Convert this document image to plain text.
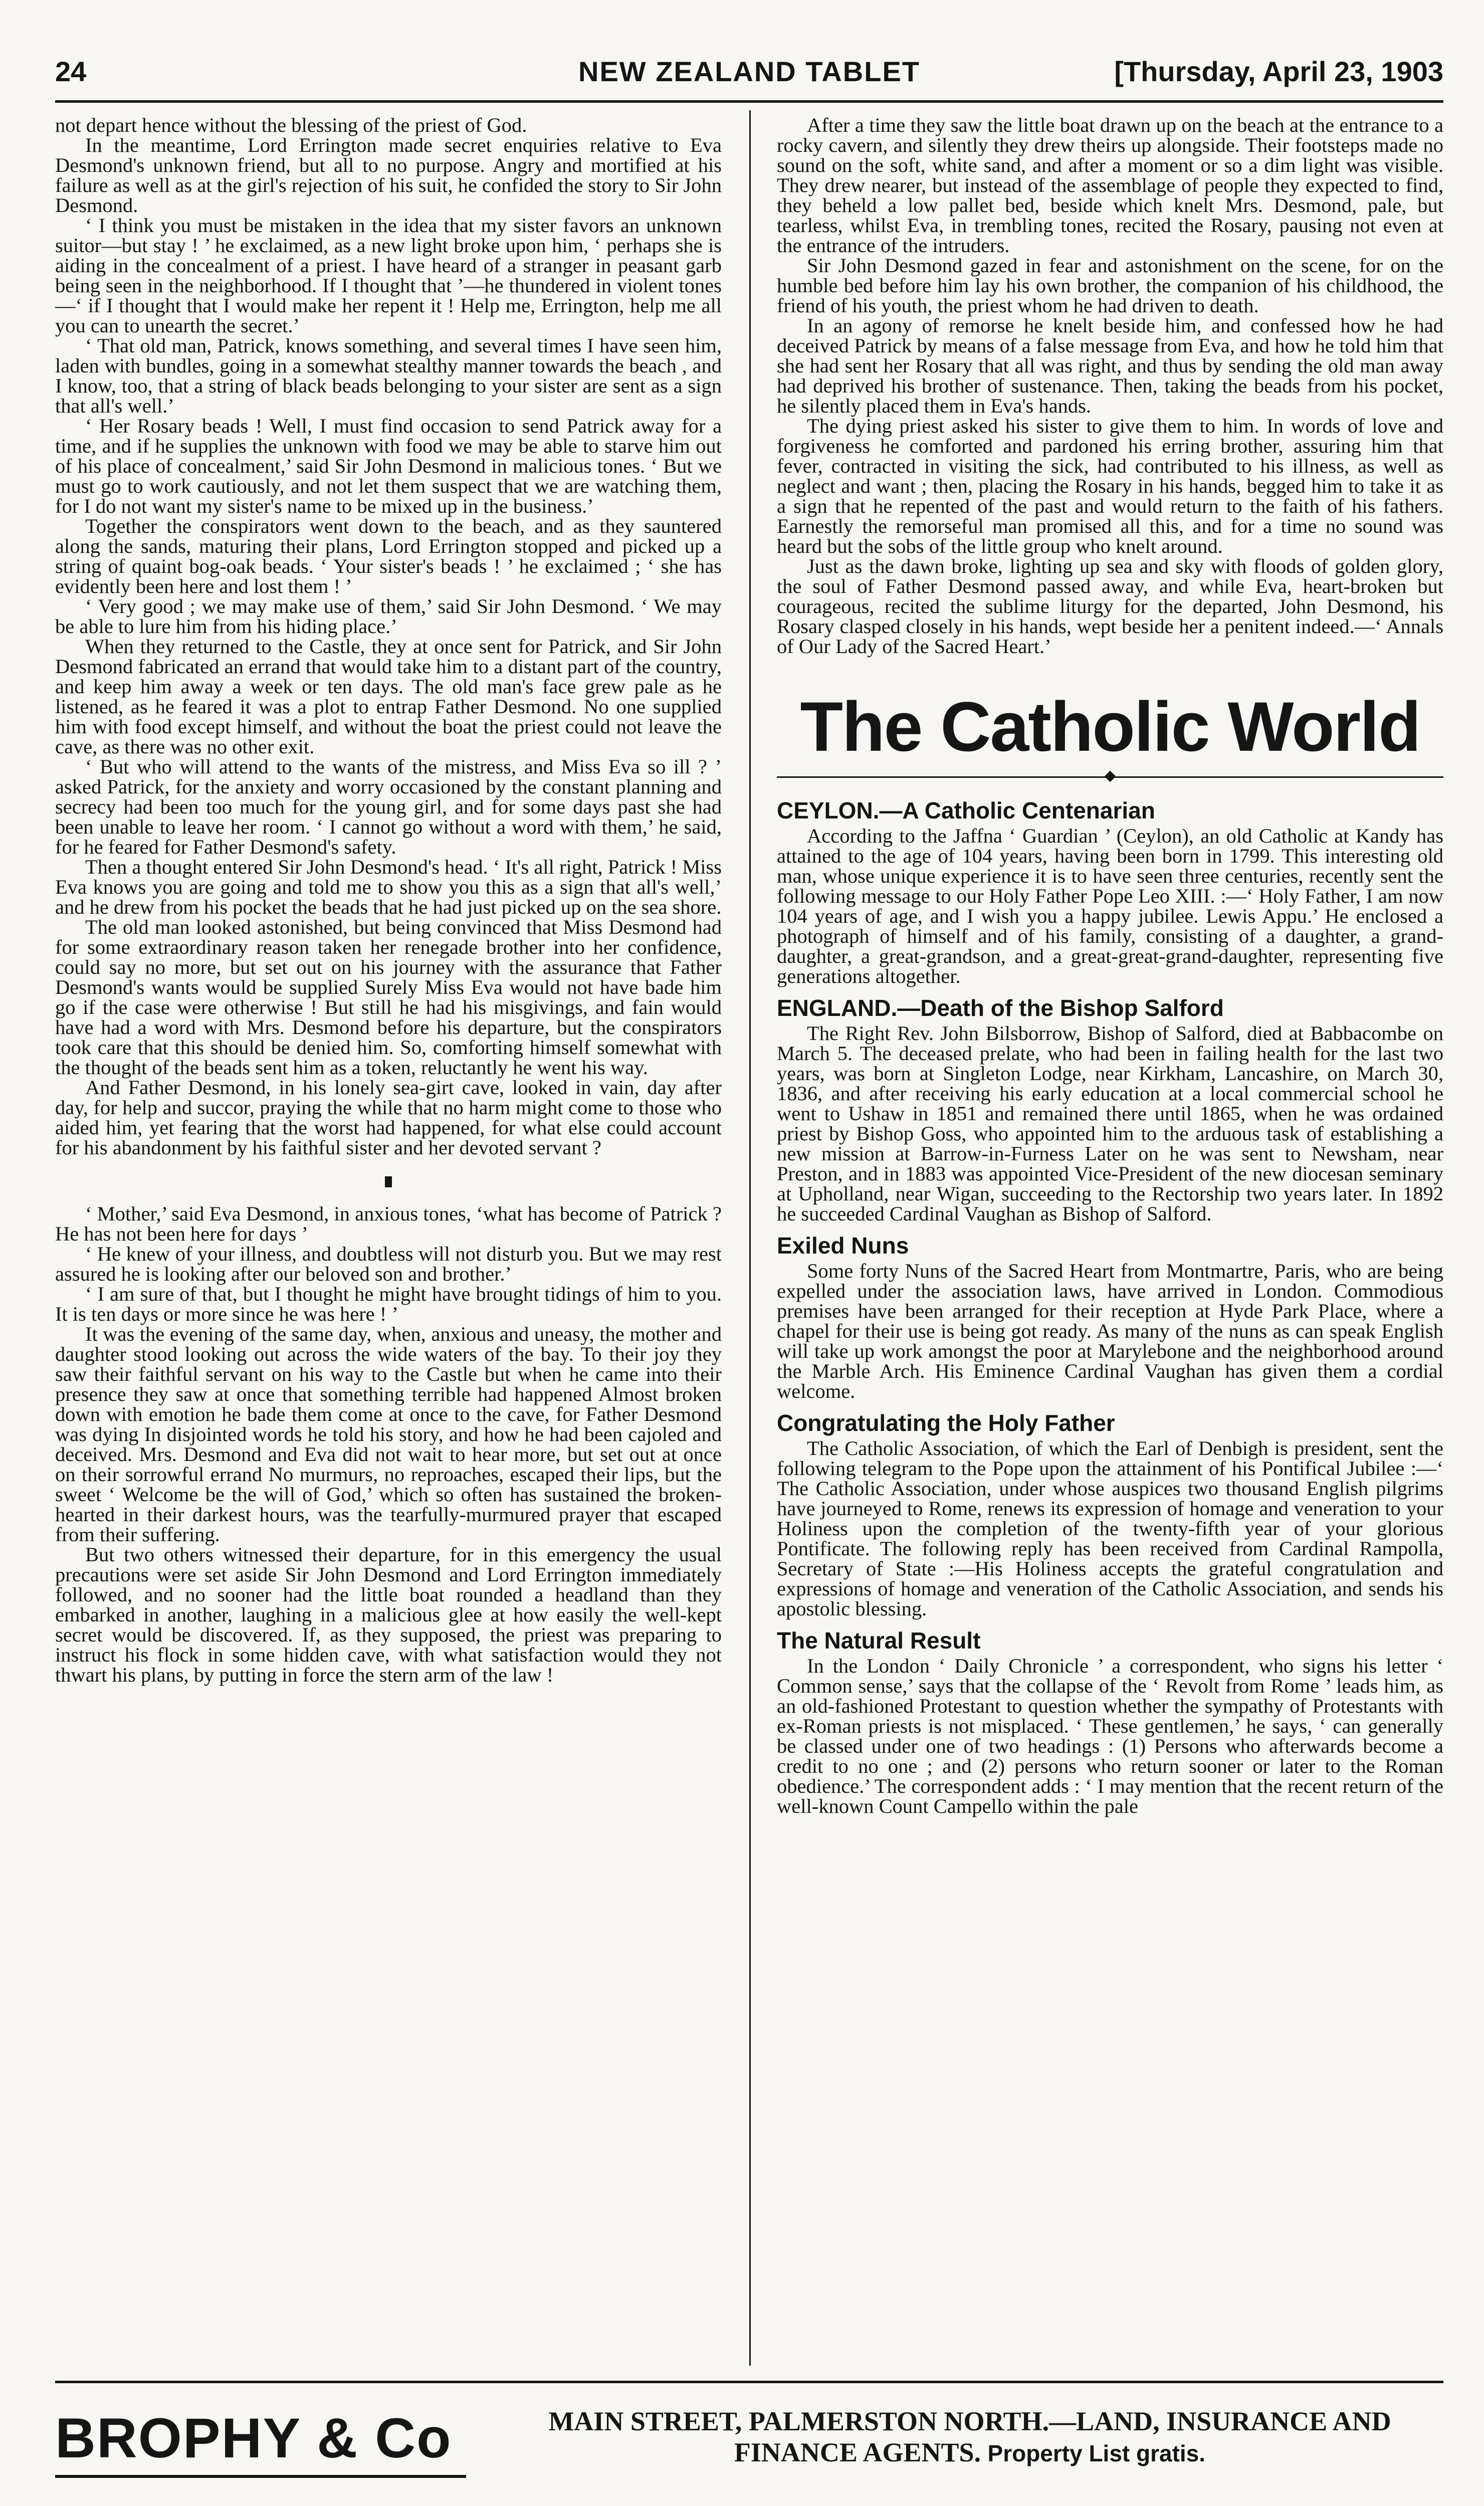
24	NEW ZEALAND TABLET	[Thursday, April 23, 1903

not depart hence without the blessing of the priest of God.

In the meantime, Lord Errington made secret enquiries relative to Eva Desmond's unknown friend, but all to no purpose. Angry and mortified at his failure as well as at the girl's rejection of his suit, he confided the story to Sir John Desmond.

‘ I think you must be mistaken in the idea that my sister favors an unknown suitor—but stay ! ’ he exclaimed, as a new light broke upon him, ‘ perhaps she is aiding in the concealment of a priest. I have heard of a stranger in peasant garb being seen in the neighborhood. If I thought that ’—he thundered in violent tones —‘ if I thought that I would make her repent it ! Help me, Errington, help me all you can to unearth the secret.’

‘ That old man, Patrick, knows something, and several times I have seen him, laden with bundles, going in a somewhat stealthy manner towards the beach , and I know, too, that a string of black beads belonging to your sister are sent as a sign that all's well.’

‘ Her Rosary beads ! Well, I must find occasion to send Patrick away for a time, and if he supplies the unknown with food we may be able to starve him out of his place of concealment,’ said Sir John Desmond in malicious tones. ‘ But we must go to work cautiously, and not let them suspect that we are watching them, for I do not want my sister's name to be mixed up in the business.’

Together the conspirators went down to the beach, and as they sauntered along the sands, maturing their plans, Lord Errington stopped and picked up a string of quaint bog-oak beads. ‘ Your sister's beads ! ’ he exclaimed ; ‘ she has evidently been here and lost them ! ’

‘ Very good ; we may make use of them,’ said Sir John Desmond. ‘ We may be able to lure him from his hiding place.’

When they returned to the Castle, they at once sent for Patrick, and Sir John Desmond fabricated an errand that would take him to a distant part of the country, and keep him away a week or ten days. The old man's face grew pale as he listened, as he feared it was a plot to entrap Father Desmond. No one supplied him with food except himself, and without the boat the priest could not leave the cave, as there was no other exit.

‘ But who will attend to the wants of the mistress, and Miss Eva so ill ? ’ asked Patrick, for the anxiety and worry occasioned by the constant planning and secrecy had been too much for the young girl, and for some days past she had been unable to leave her room. ‘ I cannot go without a word with them,’ he said, for he feared for Father Desmond's safety.

Then a thought entered Sir John Desmond's head. ‘ It's all right, Patrick ! Miss Eva knows you are going and told me to show you this as a sign that all's well,’ and he drew from his pocket the beads that he had just picked up on the sea shore.

The old man looked astonished, but being convinced that Miss Desmond had for some extraordinary reason taken her renegade brother into her confidence, could say no more, but set out on his journey with the assurance that Father Desmond's wants would be supplied Surely Miss Eva would not have bade him go if the case were otherwise ! But still he had his misgivings, and fain would have had a word with Mrs. Desmond before his departure, but the conspirators took care that this should be denied him. So, comforting himself somewhat with the thought of the beads sent him as a token, reluctantly he went his way.

And Father Desmond, in his lonely sea-girt cave, looked in vain, day after day, for help and succor, praying the while that no harm might come to those who aided him, yet fearing that the worst had happened, for what else could account for his abandonment by his faithful sister and her devoted servant ?

‘ Mother,’ said Eva Desmond, in anxious tones, ‘what has become of Patrick ? He has not been here for days ’

‘ He knew of your illness, and doubtless will not disturb you. But we may rest assured he is looking after our beloved son and brother.’

‘ I am sure of that, but I thought he might have brought tidings of him to you. It is ten days or more since he was here ! ’

It was the evening of the same day, when, anxious and uneasy, the mother and daughter stood looking out across the wide waters of the bay. To their joy they saw their faithful servant on his way to the Castle but when he came into their presence they saw at once that something terrible had happened Almost broken down with emotion he bade them come at once to the cave, for Father Desmond was dying In disjointed words he told his story, and how he had been cajoled and deceived. Mrs. Desmond and Eva did not wait to hear more, but set out at once on their sorrowful errand No murmurs, no reproaches, escaped their lips, but the sweet ‘ Welcome be the will of God,’ which so often has sustained the broken-hearted in their darkest hours, was the tearfully-murmured prayer that escaped from their suffering.

But two others witnessed their departure, for in this emergency the usual precautions were set aside Sir John Desmond and Lord Errington immediately followed, and no sooner had the little boat rounded a headland than they embarked in another, laughing in a malicious glee at how easily the well-kept secret would be discovered. If, as they supposed, the priest was preparing to instruct his flock in some hidden cave, with what satisfaction would they not thwart his plans, by putting in force the stern arm of the law !

After a time they saw the little boat drawn up on the beach at the entrance to a rocky cavern, and silently they drew theirs up alongside. Their footsteps made no sound on the soft, white sand, and after a moment or so a dim light was visible. They drew nearer, but instead of the assemblage of people they expected to find, they beheld a low pallet bed, beside which knelt Mrs. Desmond, pale, but tearless, whilst Eva, in trembling tones, recited the Rosary, pausing not even at the entrance of the intruders.

Sir John Desmond gazed in fear and astonishment on the scene, for on the humble bed before him lay his own brother, the companion of his childhood, the friend of his youth, the priest whom he had driven to death.

In an agony of remorse he knelt beside him, and confessed how he had deceived Patrick by means of a false message from Eva, and how he told him that she had sent her Rosary that all was right, and thus by sending the old man away had deprived his brother of sustenance. Then, taking the beads from his pocket, he silently placed them in Eva's hands.

The dying priest asked his sister to give them to him. In words of love and forgiveness he comforted and pardoned his erring brother, assuring him that fever, contracted in visiting the sick, had contributed to his illness, as well as neglect and want ; then, placing the Rosary in his hands, begged him to take it as a sign that he repented of the past and would return to the faith of his fathers. Earnestly the remorseful man promised all this, and for a time no sound was heard but the sobs of the little group who knelt around.

Just as the dawn broke, lighting up sea and sky with floods of golden glory, the soul of Father Desmond passed away, and while Eva, heart-broken but courageous, recited the sublime liturgy for the departed, John Desmond, his Rosary clasped closely in his hands, wept beside her a penitent indeed.—‘ Annals of Our Lady of the Sacred Heart.’

The Catholic World
CEYLON.—A Catholic Centenarian

According to the Jaffna ‘ Guardian ’ (Ceylon), an old Catholic at Kandy has attained to the age of 104 years, having been born in 1799. This interesting old man, whose unique experience it is to have seen three centuries, recently sent the following message to our Holy Father Pope Leo XIII. :—‘ Holy Father, I am now 104 years of age, and I wish you a happy jubilee. Lewis Appu.’ He enclosed a photograph of himself and of his family, consisting of a daughter, a grand-daughter, a great-grandson, and a great-great-grand-daughter, representing five generations altogether.

ENGLAND.—Death of the Bishop Salford

The Right Rev. John Bilsborrow, Bishop of Salford, died at Babbacombe on March 5. The deceased prelate, who had been in failing health for the last two years, was born at Singleton Lodge, near Kirkham, Lancashire, on March 30, 1836, and after receiving his early education at a local commercial school he went to Ushaw in 1851 and remained there until 1865, when he was ordained priest by Bishop Goss, who appointed him to the arduous task of establishing a new mission at Barrow-in-Furness Later on he was sent to Newsham, near Preston, and in 1883 was appointed Vice-President of the new diocesan seminary at Upholland, near Wigan, succeeding to the Rectorship two years later. In 1892 he succeeded Cardinal Vaughan as Bishop of Salford.

Exiled Nuns

Some forty Nuns of the Sacred Heart from Montmartre, Paris, who are being expelled under the association laws, have arrived in London. Commodious premises have been arranged for their reception at Hyde Park Place, where a chapel for their use is being got ready. As many of the nuns as can speak English will take up work amongst the poor at Marylebone and the neighborhood around the Marble Arch. His Eminence Cardinal Vaughan has given them a cordial welcome.

Congratulating the Holy Father

The Catholic Association, of which the Earl of Denbigh is president, sent the following telegram to the Pope upon the attainment of his Pontifical Jubilee :—‘ The Catholic Association, under whose auspices two thousand English pilgrims have journeyed to Rome, renews its expression of homage and veneration to your Holiness upon the completion of the twenty-fifth year of your glorious Pontificate. The following reply has been received from Cardinal Rampolla, Secretary of State :—His Holiness accepts the grateful congratulation and expressions of homage and veneration of the Catholic Association, and sends his apostolic blessing.

The Natural Result

In the London ‘ Daily Chronicle ’ a correspondent, who signs his letter ‘ Common sense,’ says that the collapse of the ‘ Revolt from Rome ’ leads him, as an old-fashioned Protestant to question whether the sympathy of Protestants with ex-Roman priests is not misplaced. ‘ These gentlemen,’ he says, ‘ can generally be classed under one of two headings : (1) Persons who afterwards become a credit to no one ; and (2) persons who return sooner or later to the Roman obedience.’ The correspondent adds : ‘ I may mention that the recent return of the well-known Count Campello within the pale

BROPHY & Co	MAIN STREET, PALMERSTON NORTH.—LAND, INSURANCE AND
FINANCE AGENTS. Property List gratis.
